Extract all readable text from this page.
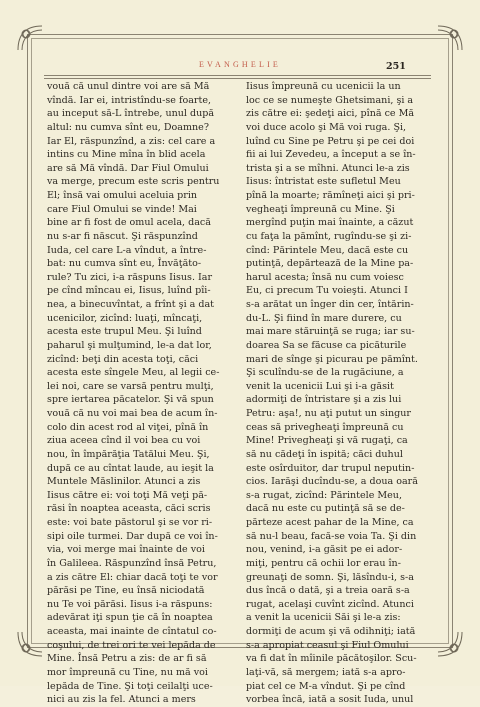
EVANGHELIE	251
vouă că unul dintre voi are să Mă
vîndă. Iar ei, intristîndu-se foarte,
au inceput să-L întrebe, unul după
altul: nu cumva sînt eu, Doamne?
Iar El, răspunzînd, a zis: cel care a
intins cu Mine mîna în blid acela
are să Mă vîndă. Dar Fiul Omului
va merge, precum este scris pentru
El; însă vai omului aceluia prin
care Fiul Omului se vinde! Mai
bine ar fi fost de omul acela, dacă
nu s-ar fi născut. Şi răspunzînd
Iuda, cel care L-a vîndut, a între-
bat: nu cumva sînt eu, Învăţăto-
rule? Tu zici, i-a răspuns Iisus. Iar
pe cînd mîncau ei, Iisus, luînd pîi-
nea, a binecuvîntat, a frînt şi a dat
ucenicilor, zicînd: luaţi, mîncaţi,
acesta este trupul Meu. Şi luînd
paharul şi mulţumind, le-a dat lor,
zicînd: beţi din acesta toţi, căci
acesta este sîngele Meu, al legii ce-
lei noi, care se varsă pentru mulţi,
spre iertarea păcatelor. Şi vă spun
vouă că nu voi mai bea de acum în-
colo din acest rod al viţei, pînă în
ziua aceea cînd il voi bea cu voi
nou, în împărăţia Tatălui Meu. Şi,
după ce au cîntat laude, au ieşit la
Muntele Măslinilor. Atunci a zis
Iisus către ei: voi toţi Mă veţi pă-
răsi în noaptea aceasta, căci scris
este: voi bate păstorul şi se vor ri-
sipi oile turmei. Dar după ce voi în-
via, voi merge mai înainte de voi
în Galileea. Răspunzînd însă Petru,
a zis către El: chiar dacă toţi te vor
părăsi pe Tine, eu însă niciodată
nu Te voi părăsi. Iisus i-a răspuns:
adevărat iţi spun ţie că în noaptea
aceasta, mai inainte de cîntatul co-
coşului, de trei ori te vei lepăda de
Mine. Însă Petru a zis: de ar fi să
mor împreună cu Tine, nu mă voi
lepăda de Tine. Şi toţi ceilalţi uce-
nici au zis la fel. Atunci a mers
Iisus împreună cu ucenicii la un
loc ce se numeşte Ghetsimani, şi a
zis către ei: şedeţi aici, pînă ce Mă
voi duce acolo şi Mă voi ruga. Şi,
luînd cu Sine pe Petru şi pe cei doi
fii ai lui Zevedeu, a început a se în-
trista şi a se mîhni. Atunci le-a zis
Iisus: întristat este sufletul Meu
pînă la moarte; rămîneţi aici şi pri-
vegheaţi împreună cu Mine. Şi
mergînd puţin mai înainte, a căzut
cu faţa la pămînt, rugîndu-se şi zi-
cînd: Părintele Meu, dacă este cu
putinţă, depărtează de la Mine pa-
harul acesta; însă nu cum voiesc
Eu, ci precum Tu voieşti. Atunci I
s-a arătat un înger din cer, întărin-
du-L. Şi fiind în mare durere, cu
mai mare stăruinţă se ruga; iar su-
doarea Sa se făcuse ca picăturile
mari de sînge şi picurau pe pămînt.
Şi sculîndu-se de la rugăciune, a
venit la ucenicii Lui şi i-a găsit
adormiţi de întristare şi a zis lui
Petru: aşa!, nu aţi putut un singur
ceas să privegheaţi împreună cu
Mine! Privegheaţi şi vă rugaţi, ca
să nu cădeţi în ispită; căci duhul
este osîrduitor, dar trupul neputin-
cios. Iarăşi ducîndu-se, a doua oară
s-a rugat, zicînd: Părintele Meu,
dacă nu este cu putinţă să se de-
părteze acest pahar de la Mine, ca
să nu-l beau, facă-se voia Ta. Şi din
nou, venind, i-a găsit pe ei ador-
miţi, pentru că ochii lor erau în-
greunaţi de somn. Şi, lăsîndu-i, s-a
dus încă o dată, şi a treia oară s-a
rugat, acelaşi cuvînt zicînd. Atunci
a venit la ucenicii Săi şi le-a zis:
dormiţi de acum şi vă odihniţi; iată
s-a apropiat ceasul şi Fiul Omului
va fi dat în mîinile păcătoşilor. Scu-
laţi-vă, să mergem; iată s-a apro-
piat cel ce M-a vîndut. Şi pe cînd
vorbea încă, iată a sosit Iuda, unul
